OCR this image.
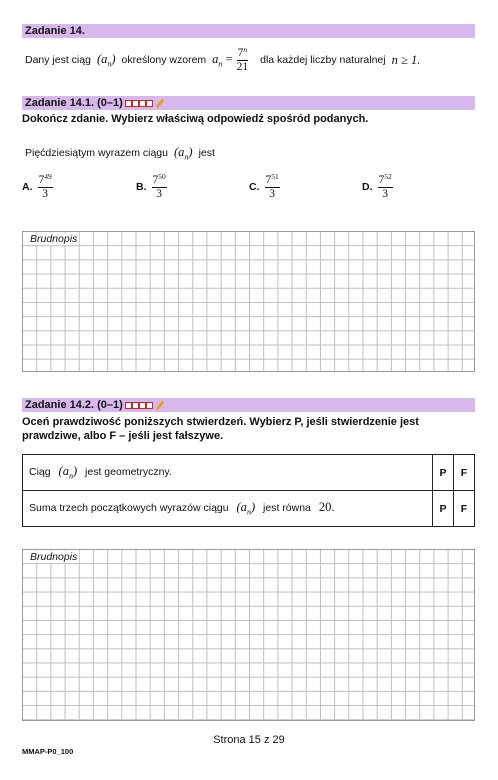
Zadanie 14.
Dany jest ciąg $(a_n)$ określony wzorem $a_n = \frac{7^n}{21}$ dla każdej liczby naturalnej n ≥ 1.
Zadanie 14.1. (0–1)
Dokończ zdanie. Wybierz właściwą odpowiedź spośród podanych.
Pięćdziesiątym wyrazem ciągu $(a_n)$ jest
A. $\frac{7^{49}}{3}$	B. $\frac{7^{50}}{3}$	C. $\frac{7^{51}}{3}$	D. $\frac{7^{52}}{3}$
Brudnopis
Zadanie 14.2. (0–1)
Oceń prawdziwość poniższych stwierdzeń. Wybierz P, jeśli stwierdzenie jest
prawdziwe, albo F – jeśli jest fałszywe.
Ciąg $(a_n)$ jest geometryczny.	P	F
Suma trzech początkowych wyrazów ciągu $(a_n)$ jest równa 20.	P	F
Brudnopis
Strona 15 z 29
MMAP-P0_100
